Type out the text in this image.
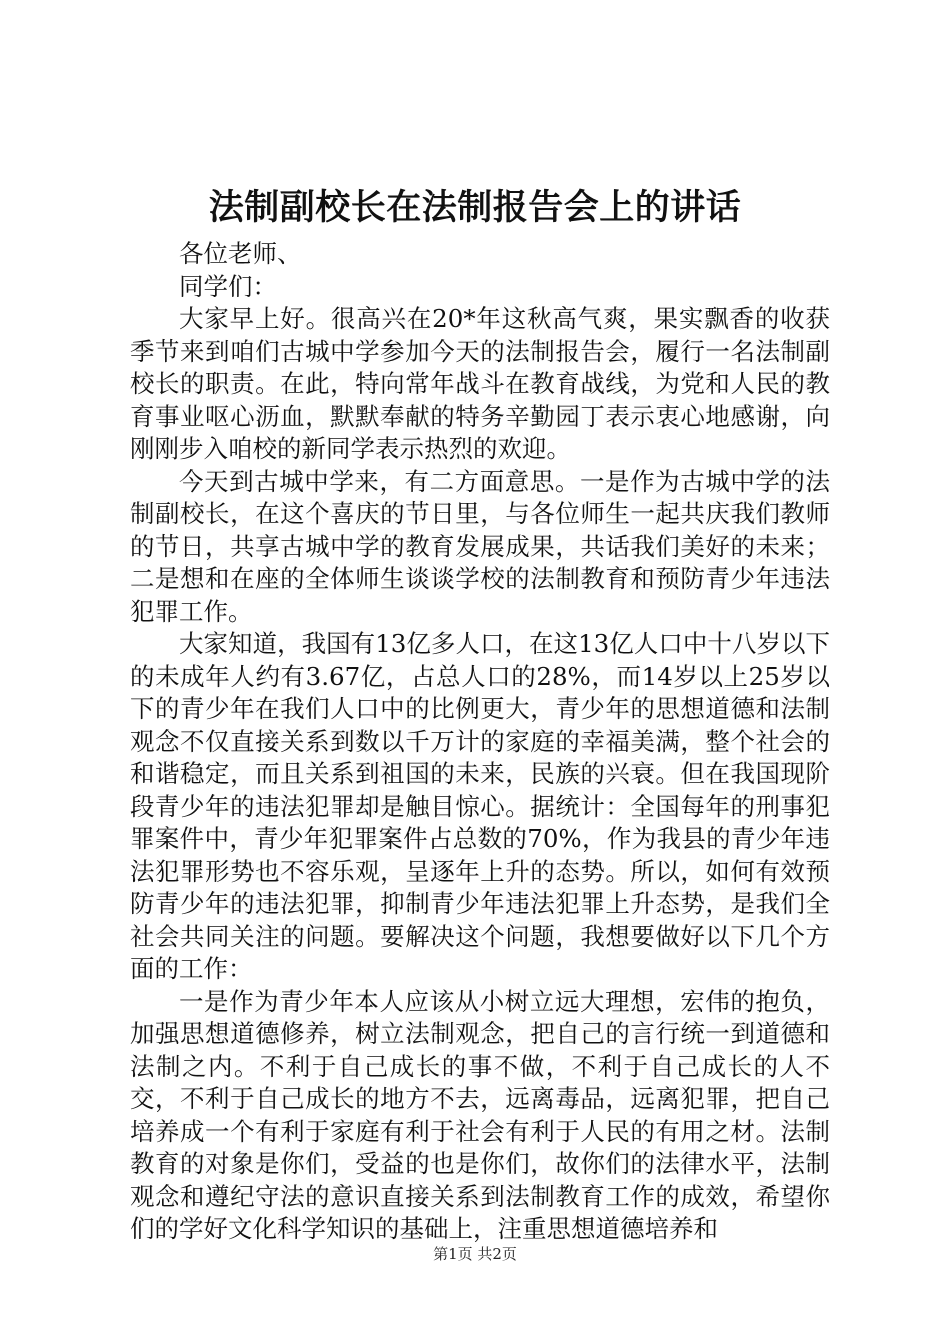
法制副校长在法制报告会上的讲话

各位老师、

同学们：

大家早上好。很高兴在20*年这秋高气爽，果实飘香的收获季节来到咱们古城中学参加今天的法制报告会，履行一名法制副校长的职责。在此，特向常年战斗在教育战线，为党和人民的教育事业呕心沥血，默默奉献的特务辛勤园丁表示衷心地感谢，向刚刚步入咱校的新同学表示热烈的欢迎。

今天到古城中学来，有二方面意思。一是作为古城中学的法制副校长，在这个喜庆的节日里，与各位师生一起共庆我们教师的节日，共享古城中学的教育发展成果，共话我们美好的未来；二是想和在座的全体师生谈谈学校的法制教育和预防青少年违法犯罪工作。

大家知道，我国有13亿多人口，在这13亿人口中十八岁以下的未成年人约有3.67亿，占总人口的28%，而14岁以上25岁以下的青少年在我们人口中的比例更大，青少年的思想道德和法制观念不仅直接关系到数以千万计的家庭的幸福美满，整个社会的和谐稳定，而且关系到祖国的未来，民族的兴衰。但在我国现阶段青少年的违法犯罪却是触目惊心。据统计：全国每年的刑事犯罪案件中，青少年犯罪案件占总数的70%，作为我县的青少年违法犯罪形势也不容乐观，呈逐年上升的态势。所以，如何有效预防青少年的违法犯罪，抑制青少年违法犯罪上升态势，是我们全社会共同关注的问题。要解决这个问题，我想要做好以下几个方面的工作：

一是作为青少年本人应该从小树立远大理想，宏伟的抱负，加强思想道德修养，树立法制观念，把自己的言行统一到道德和法制之内。不利于自己成长的事不做，不利于自己成长的人不交，不利于自己成长的地方不去，远离毒品，远离犯罪，把自己培养成一个有利于家庭有利于社会有利于人民的有用之材。法制教育的对象是你们，受益的也是你们，故你们的法律水平，法制观念和遵纪守法的意识直接关系到法制教育工作的成效，希望你们的学好文化科学知识的基础上，注重思想道德培养和

第1页 共2页
